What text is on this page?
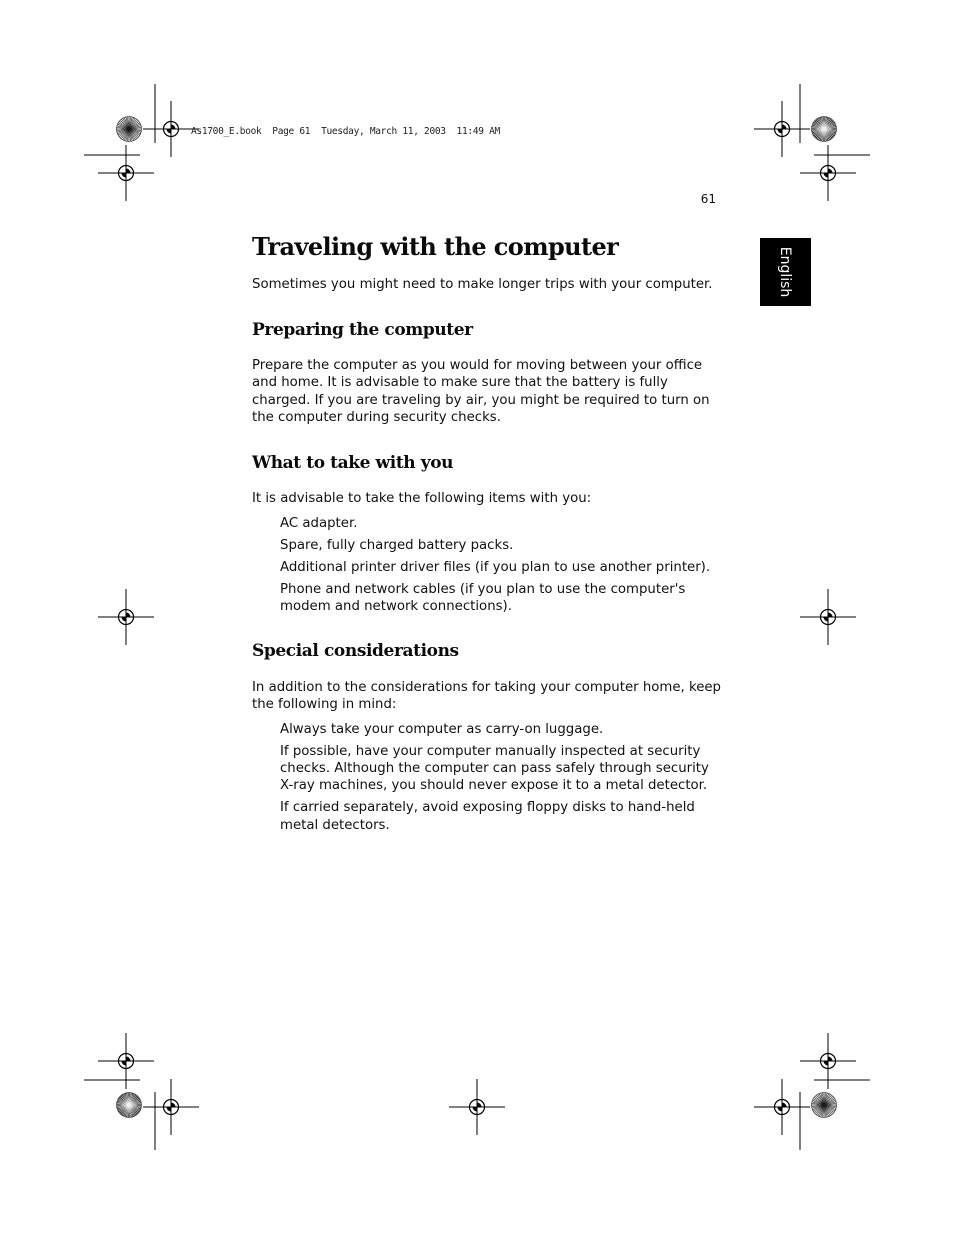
As1700_E.book  Page 61  Tuesday, March 11, 2003  11:49 AM
61
English
Traveling with the computer

Sometimes you might need to make longer trips with your computer.

Preparing the computer

Prepare the computer as you would for moving between your office and home. It is advisable to make sure that the battery is fully charged. If you are traveling by air, you might be required to turn on the computer during security checks.

What to take with you

It is advisable to take the following items with you:

AC adapter.
Spare, fully charged battery packs.
Additional printer driver files (if you plan to use another printer).
Phone and network cables (if you plan to use the computer's modem and network connections).
Special considerations

In addition to the considerations for taking your computer home, keep the following in mind:

Always take your computer as carry-on luggage.
If possible, have your computer manually inspected at security checks. Although the computer can pass safely through security X-ray machines, you should never expose it to a metal detector.
If carried separately, avoid exposing floppy disks to hand-held metal detectors.
